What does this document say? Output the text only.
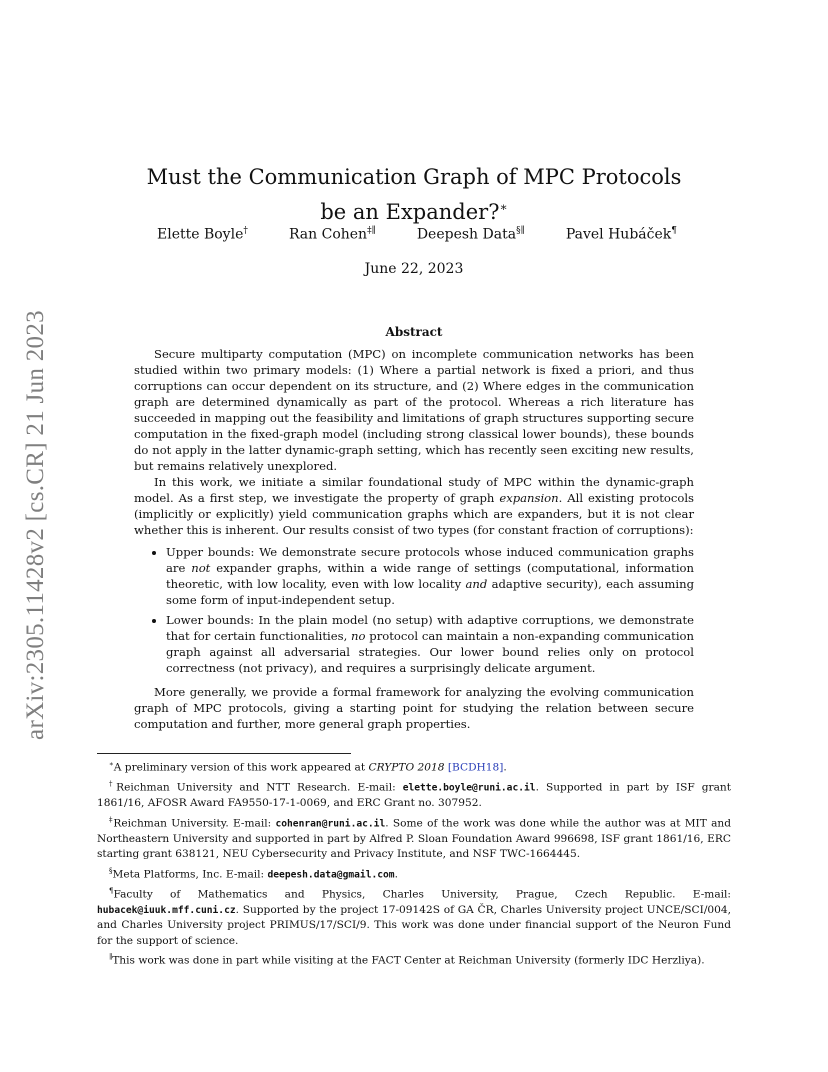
arXiv:2305.11428v2 [cs.CR] 21 Jun 2023
Must the Communication Graph of MPC Protocols
be an Expander?∗
Elette Boyle†	Ran Cohen‡∥	Deepesh Data§∥	Pavel Hubáček¶
June 22, 2023
Abstract

Secure multiparty computation (MPC) on incomplete communication networks has been studied within two primary models: (1) Where a partial network is fixed a priori, and thus corruptions can occur dependent on its structure, and (2) Where edges in the communication graph are determined dynamically as part of the protocol. Whereas a rich literature has succeeded in mapping out the feasibility and limitations of graph structures supporting secure computation in the fixed-graph model (including strong classical lower bounds), these bounds do not apply in the latter dynamic-graph setting, which has recently seen exciting new results, but remains relatively unexplored.

In this work, we initiate a similar foundational study of MPC within the dynamic-graph model. As a first step, we investigate the property of graph expansion. All existing protocols (implicitly or explicitly) yield communication graphs which are expanders, but it is not clear whether this is inherent. Our results consist of two types (for constant fraction of corruptions):

• Upper bounds: We demonstrate secure protocols whose induced communication graphs are not expander graphs, within a wide range of settings (computational, information theoretic, with low locality, even with low locality and adaptive security), each assuming some form of input-independent setup.
• Lower bounds: In the plain model (no setup) with adaptive corruptions, we demonstrate that for certain functionalities, no protocol can maintain a non-expanding communication graph against all adversarial strategies. Our lower bound relies only on protocol correctness (not privacy), and requires a surprisingly delicate argument.

More generally, we provide a formal framework for analyzing the evolving communication graph of MPC protocols, giving a starting point for studying the relation between secure computation and further, more general graph properties.

∗A preliminary version of this work appeared at CRYPTO 2018 [BCDH18].

†Reichman University and NTT Research. E-mail: elette.boyle@runi.ac.il. Supported in part by ISF grant 1861/16, AFOSR Award FA9550-17-1-0069, and ERC Grant no. 307952.

‡Reichman University. E-mail: cohenran@runi.ac.il. Some of the work was done while the author was at MIT and Northeastern University and supported in part by Alfred P. Sloan Foundation Award 996698, ISF grant 1861/16, ERC starting grant 638121, NEU Cybersecurity and Privacy Institute, and NSF TWC-1664445.

§Meta Platforms, Inc. E-mail: deepesh.data@gmail.com.

¶Faculty of Mathematics and Physics, Charles University, Prague, Czech Republic. E-mail: hubacek@iuuk.mff.cuni.cz. Supported by the project 17-09142S of GA ČR, Charles University project UNCE/SCI/004, and Charles University project PRIMUS/17/SCI/9. This work was done under financial support of the Neuron Fund for the support of science.

∥This work was done in part while visiting at the FACT Center at Reichman University (formerly IDC Herzliya).
